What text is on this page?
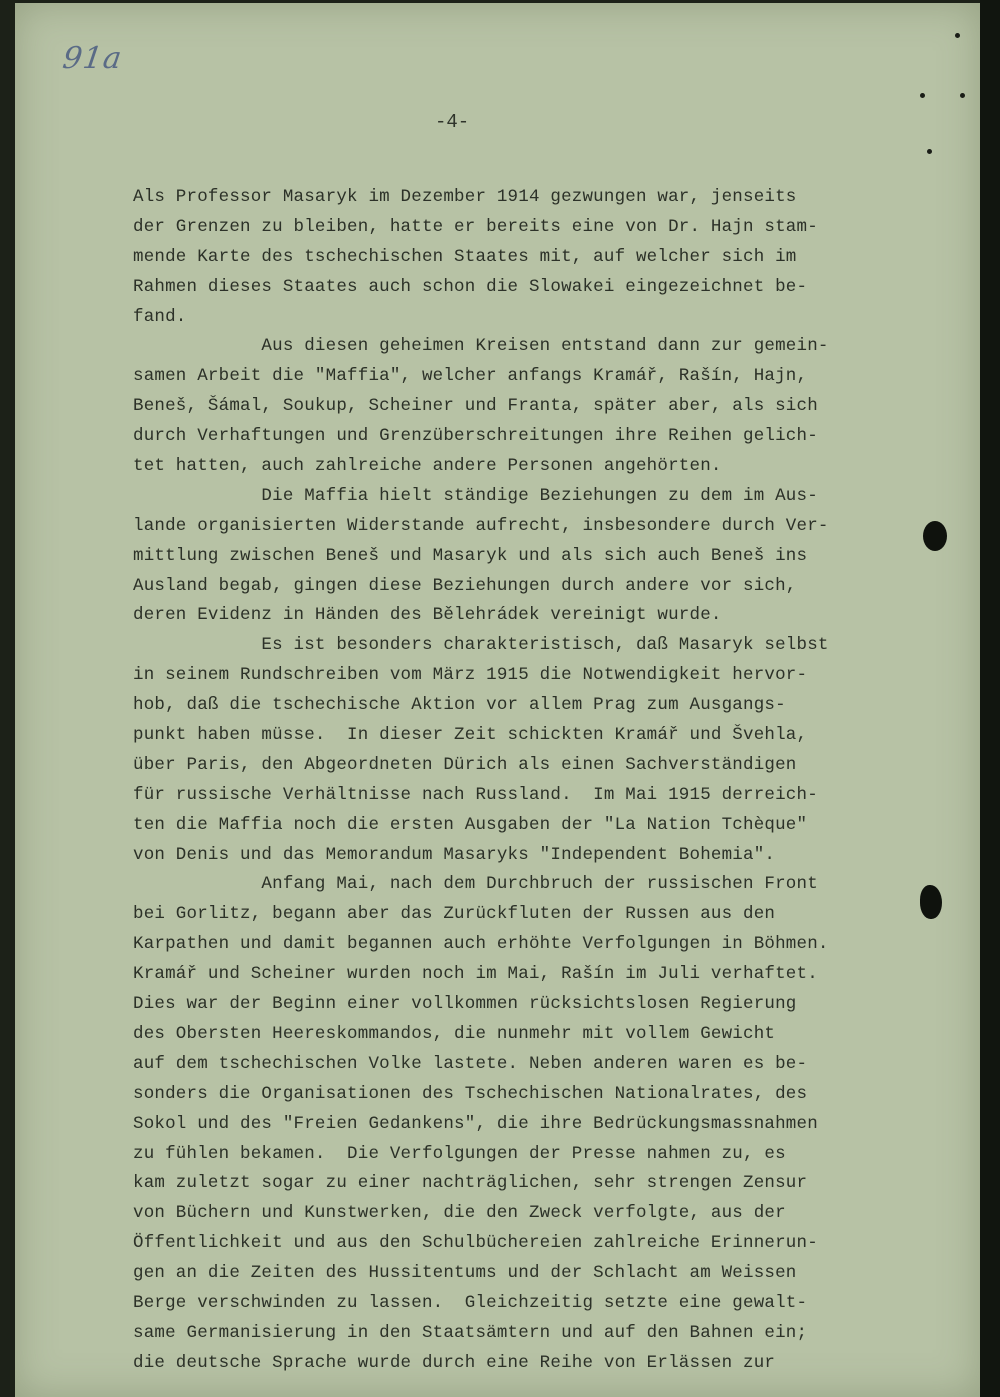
91a
-4-
Als Professor Masaryk im Dezember 1914 gezwungen war, jenseits
der Grenzen zu bleiben, hatte er bereits eine von Dr. Hajn stam-
mende Karte des tschechischen Staates mit, auf welcher sich im
Rahmen dieses Staates auch schon die Slowakei eingezeichnet be-
fand.
Aus diesen geheimen Kreisen entstand dann zur gemein-
samen Arbeit die "Maffia", welcher anfangs Kramář, Rašín, Hajn,
Beneš, Šámal, Soukup, Scheiner und Franta, später aber, als sich
durch Verhaftungen und Grenzüberschreitungen ihre Reihen gelich-
tet hatten, auch zahlreiche andere Personen angehörten.
Die Maffia hielt ständige Beziehungen zu dem im Aus-
lande organisierten Widerstande aufrecht, insbesondere durch Ver-
mittlung zwischen Beneš und Masaryk und als sich auch Beneš ins
Ausland begab, gingen diese Beziehungen durch andere vor sich,
deren Evidenz in Händen des Bělehrádek vereinigt wurde.
Es ist besonders charakteristisch, daß Masaryk selbst
in seinem Rundschreiben vom März 1915 die Notwendigkeit hervor-
hob, daß die tschechische Aktion vor allem Prag zum Ausgangs-
punkt haben müsse.  In dieser Zeit schickten Kramář und Švehla,
über Paris, den Abgeordneten Dürich als einen Sachverständigen
für russische Verhältnisse nach Russland.  Im Mai 1915 derreich-
ten die Maffia noch die ersten Ausgaben der "La Nation Tchèque"
von Denis und das Memorandum Masaryks "Independent Bohemia".
Anfang Mai, nach dem Durchbruch der russischen Front
bei Gorlitz, begann aber das Zurückfluten der Russen aus den
Karpathen und damit begannen auch erhöhte Verfolgungen in Böhmen.
Kramář und Scheiner wurden noch im Mai, Rašín im Juli verhaftet.
Dies war der Beginn einer vollkommen rücksichtslosen Regierung
des Obersten Heereskommandos, die nunmehr mit vollem Gewicht
auf dem tschechischen Volke lastete. Neben anderen waren es be-
sonders die Organisationen des Tschechischen Nationalrates, des
Sokol und des "Freien Gedankens", die ihre Bedrückungsmassnahmen
zu fühlen bekamen.  Die Verfolgungen der Presse nahmen zu, es
kam zuletzt sogar zu einer nachträglichen, sehr strengen Zensur
von Büchern und Kunstwerken, die den Zweck verfolgte, aus der
Öffentlichkeit und aus den Schulbüchereien zahlreiche Erinnerun-
gen an die Zeiten des Hussitentums und der Schlacht am Weissen
Berge verschwinden zu lassen.  Gleichzeitig setzte eine gewalt-
same Germanisierung in den Staatsämtern und auf den Bahnen ein;
die deutsche Sprache wurde durch eine Reihe von Erlässen zur
